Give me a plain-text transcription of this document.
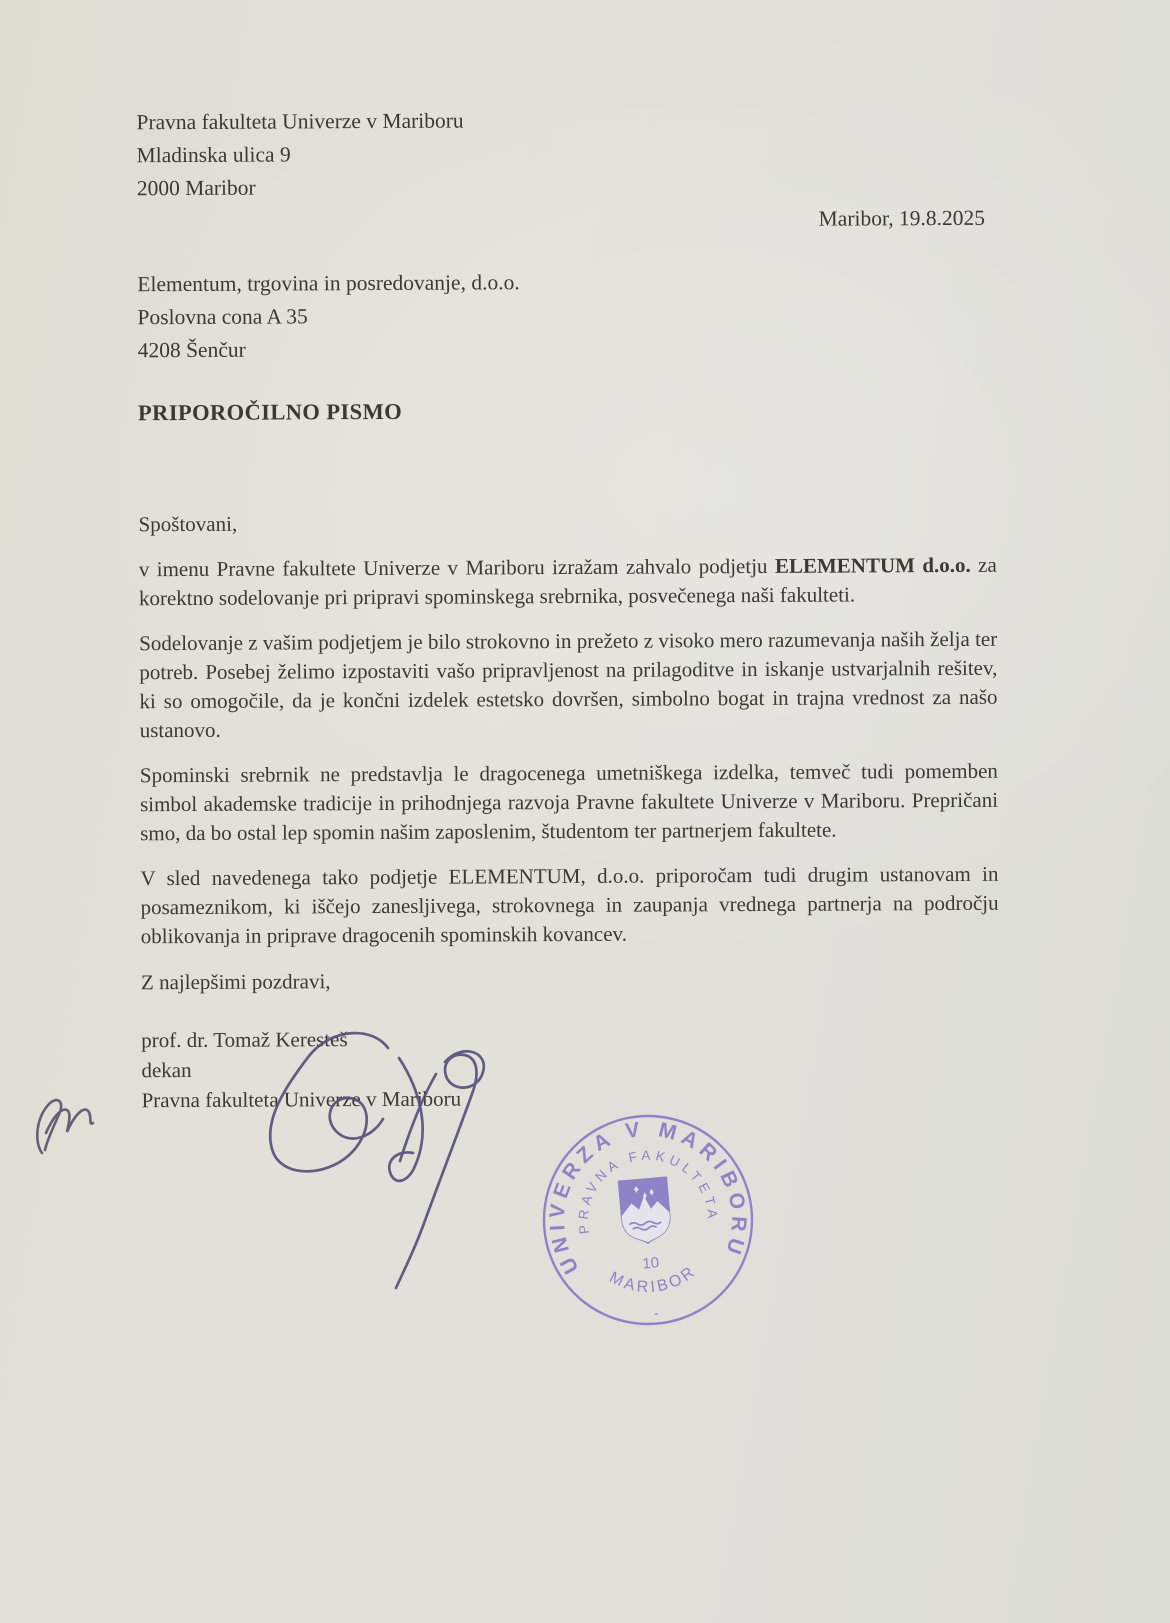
Pravna fakulteta Univerze v Mariboru
Mladinska ulica 9
2000 Maribor
Maribor, 19.8.2025
Elementum, trgovina in posredovanje, d.o.o.
Poslovna cona A 35
4208 Šenčur
PRIPOROČILNO PISMO
Spoštovani,

v imenu Pravne fakultete Univerze v Mariboru izražam zahvalo podjetju ELEMENTUM d.o.o. za korektno sodelovanje pri pripravi spominskega srebrnika, posvečenega naši fakulteti.

Sodelovanje z vašim podjetjem je bilo strokovno in prežeto z visoko mero razumevanja naših želja ter potreb. Posebej želimo izpostaviti vašo pripravljenost na prilagoditve in iskanje ustvarjalnih rešitev, ki so omogočile, da je končni izdelek estetsko dovršen, simbolno bogat in trajna vrednost za našo ustanovo.

Spominski srebrnik ne predstavlja le dragocenega umetniškega izdelka, temveč tudi pomemben simbol akademske tradicije in prihodnjega razvoja Pravne fakultete Univerze v Mariboru. Prepričani smo, da bo ostal lep spomin našim zaposlenim, študentom ter partnerjem fakultete.

V sled navedenega tako podjetje ELEMENTUM, d.o.o. priporočam tudi drugim ustanovam in posameznikom, ki iščejo zanesljivega, strokovnega in zaupanja vrednega partnerja na področju oblikovanja in priprave dragocenih spominskih kovancev.

Z najlepšimi pozdravi,
prof. dr. Tomaž Keresteš
dekan
Pravna fakulteta Univerze v Mariboru
UNIVERZA V MARIBORU
PRAVNA FAKULTETA
10
MARIBOR
-
